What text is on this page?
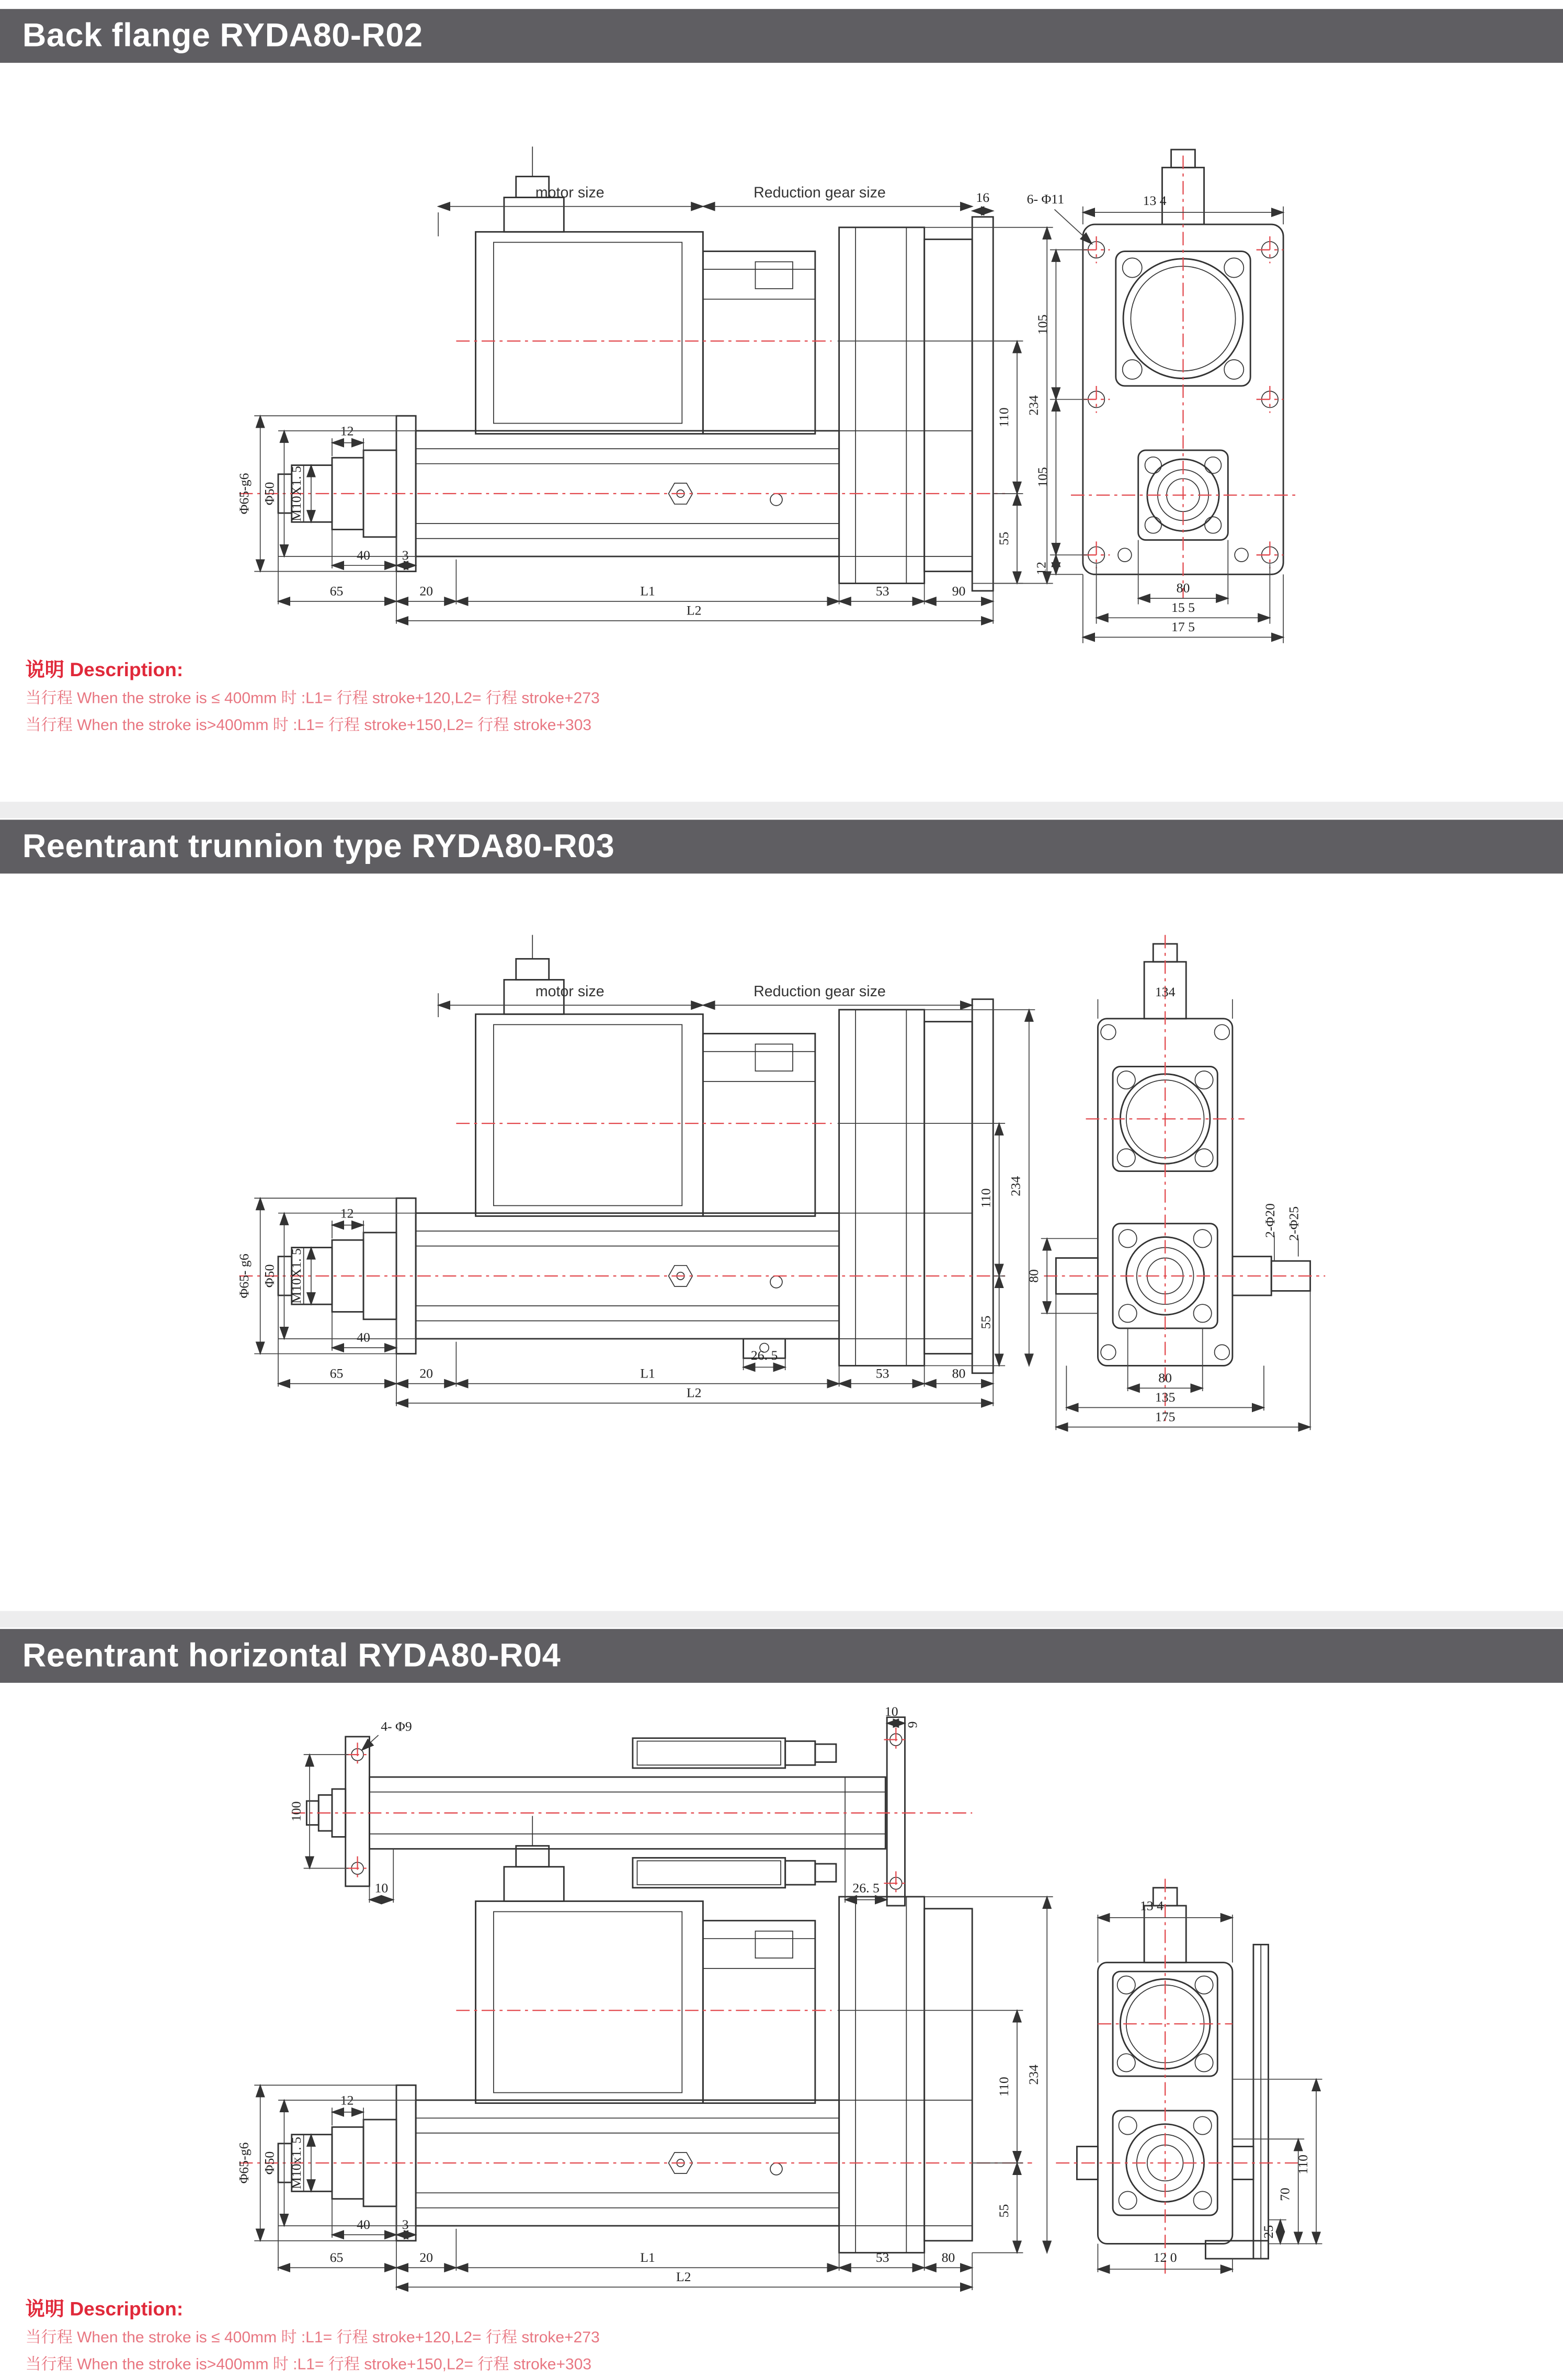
Back flange RYDA80-R02
motor size	Reduction gear size	16
12
Φ65-g6 Φ50 M10X1. 5
40	3
65	20	L1	53	90
L2
110
55
234
13 4
6- Φ11
105
105
12
80
15 5
17 5
说明 Description:

当行程 When the stroke is ≤ 400mm 时 :L1= 行程 stroke+120,L2= 行程 stroke+273

当行程 When the stroke is>400mm 时 :L1= 行程 stroke+150,L2= 行程 stroke+303

Reentrant trunnion type RYDA80-R03
motor size	Reduction gear size
12
Φ65- g6 Φ50 M10X1. 5
40
26. 5
65	20	L1	53	80
L2
110
55
234
134
80
2-Φ20 2-Φ25
80
135
175
Reentrant horizontal RYDA80-R04
4- Φ9
100
10
9
10	26. 5
12
Φ65-g6 Φ50 M10x1. 5
40	3
65	20	L1	53	80
L2
110
55
234
13 4
25
70
110
12 0
说明 Description:

当行程 When the stroke is ≤ 400mm 时 :L1= 行程 stroke+120,L2= 行程 stroke+273

当行程 When the stroke is>400mm 时 :L1= 行程 stroke+150,L2= 行程 stroke+303
